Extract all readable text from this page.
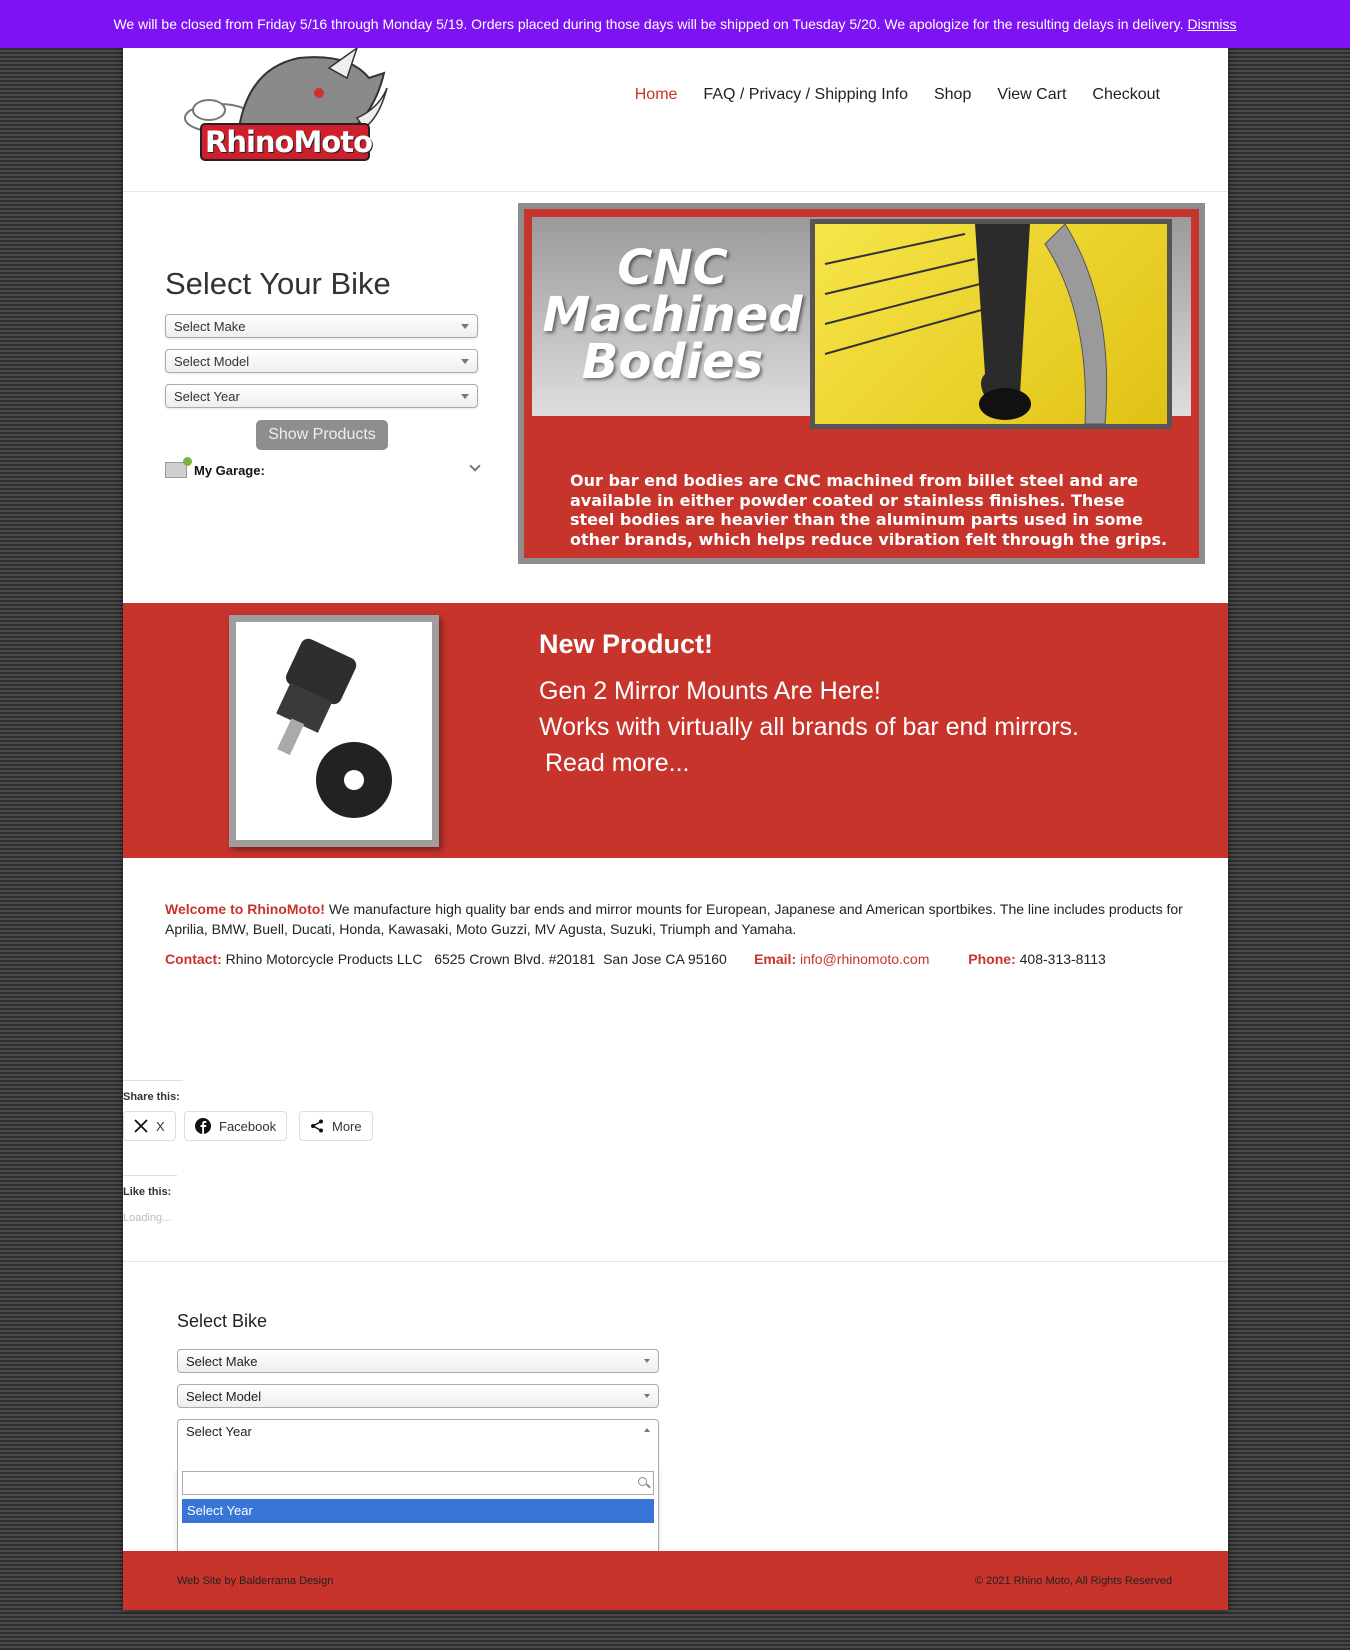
We will be closed from Friday 5/16 through Monday 5/19. Orders placed during those days will be shipped on Tuesday 5/20. We apologize for the resulting delays in delivery. Dismiss
RhinoMoto
Home FAQ / Privacy / Shipping Info Shop View Cart Checkout
Select Your Bike
Select Make
Select Model
Select Year
Show Products
My Garage:
CNC
Machined
Bodies
Our bar end bodies are CNC machined from billet steel and are available in either powder coated or stainless finishes. These steel bodies are heavier than the aluminum parts used in some other brands, which helps reduce vibration felt through the grips.
New Product!
Gen 2 Mirror Mounts Are Here!
Works with virtually all brands of bar end mirrors.
Read more...
Welcome to RhinoMoto! We manufacture high quality bar ends and mirror mounts for European, Japanese and American sportbikes. The line includes products for Aprilia, BMW, Buell, Ducati, Honda, Kawasaki, Moto Guzzi, MV Agusta, Suzuki, Triumph and Yamaha.
Contact: Rhino Motorcycle Products LLC   6525 Crown Blvd. #20181  San Jose CA 95160 Email: info@rhinomoto.com	Phone: 408-313-8113
Share this:
X	Facebook	More
Like this:
Loading...
Select Bike
Select Make
Select Model
Select Year
Select Year
Web Site by Balderrama Design	© 2021 Rhino Moto, All Rights Reserved
